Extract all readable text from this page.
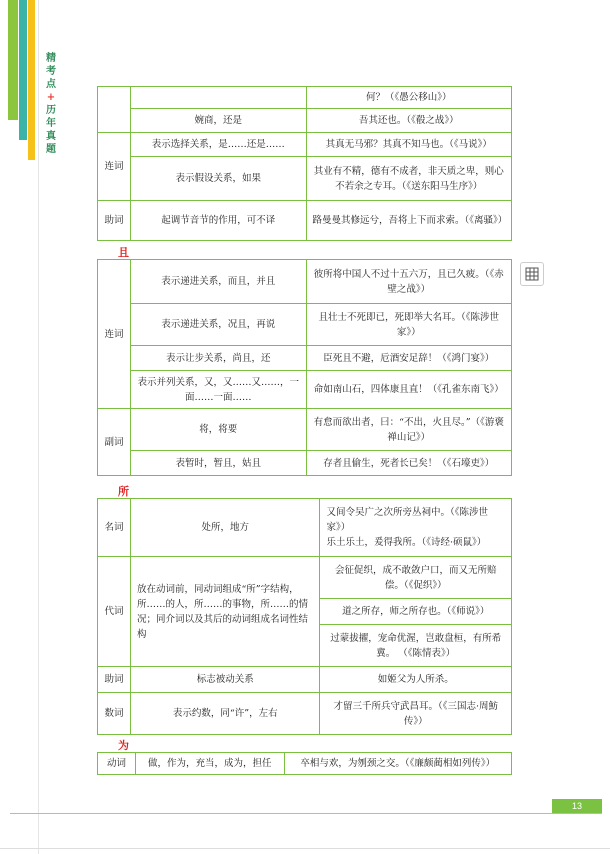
精
考
点
+
历
年
真
题
		何？（《愚公移山》）
	婉商，还是	吾其还也。（《殽之战》）
连词	表示选择关系，是……还是……	其真无马邪？其真不知马也。（《马说》）
	表示假设关系，如果	其业有不精，德有不成者，非天质之卑，则心不若余之专耳。（《送东阳马生序》）
助词	起调节音节的作用，可不译	路曼曼其修远兮，吾将上下而求索。（《离骚》）
且
连词	表示递进关系，而且，并且	彼所将中国人不过十五六万，且已久疲。（《赤壁之战》）
	表示递进关系，况且，再说	且壮士不死即已，死即举大名耳。（《陈涉世家》）
	表示让步关系，尚且，还	臣死且不避，卮酒安足辞！（《鸿门宴》）
	表示并列关系，又，又……又……，一面……一面……	命如南山石，四体康且直！（《孔雀东南飞》）
副词	将，将要	有怠而欲出者，曰：“不出，火且尽。”（《游褒禅山记》）
	表暂时，暂且，姑且	存者且偷生，死者长已矣！（《石壕吏》）
所
名词	处所，地方	又间令吴广之次所旁丛祠中。（《陈涉世家》）
乐土乐土，爰得我所。（《诗经·硕鼠》）

代词	放在动词前，同动词组成“所”字结构，所……的人，所……的事物，所……的情况；同介词以及其后的动词组成名词性结构	会征促织，成不敢敛户口，而又无所赔偿。（《促织》）
		道之所存，师之所存也。（《师说》）
		过蒙拔擢，宠命优渥，岂敢盘桓，有所希冀。 （《陈情表》）
助词	标志被动关系	如姬父为人所杀。
数词	表示约数，同“许”，左右	才留三千所兵守武昌耳。（《三国志·周魴传》）
为
动词	做，作为，充当，成为，担任	卒相与欢，为刎颈之交。（《廉颇蔺相如列传》）
13
